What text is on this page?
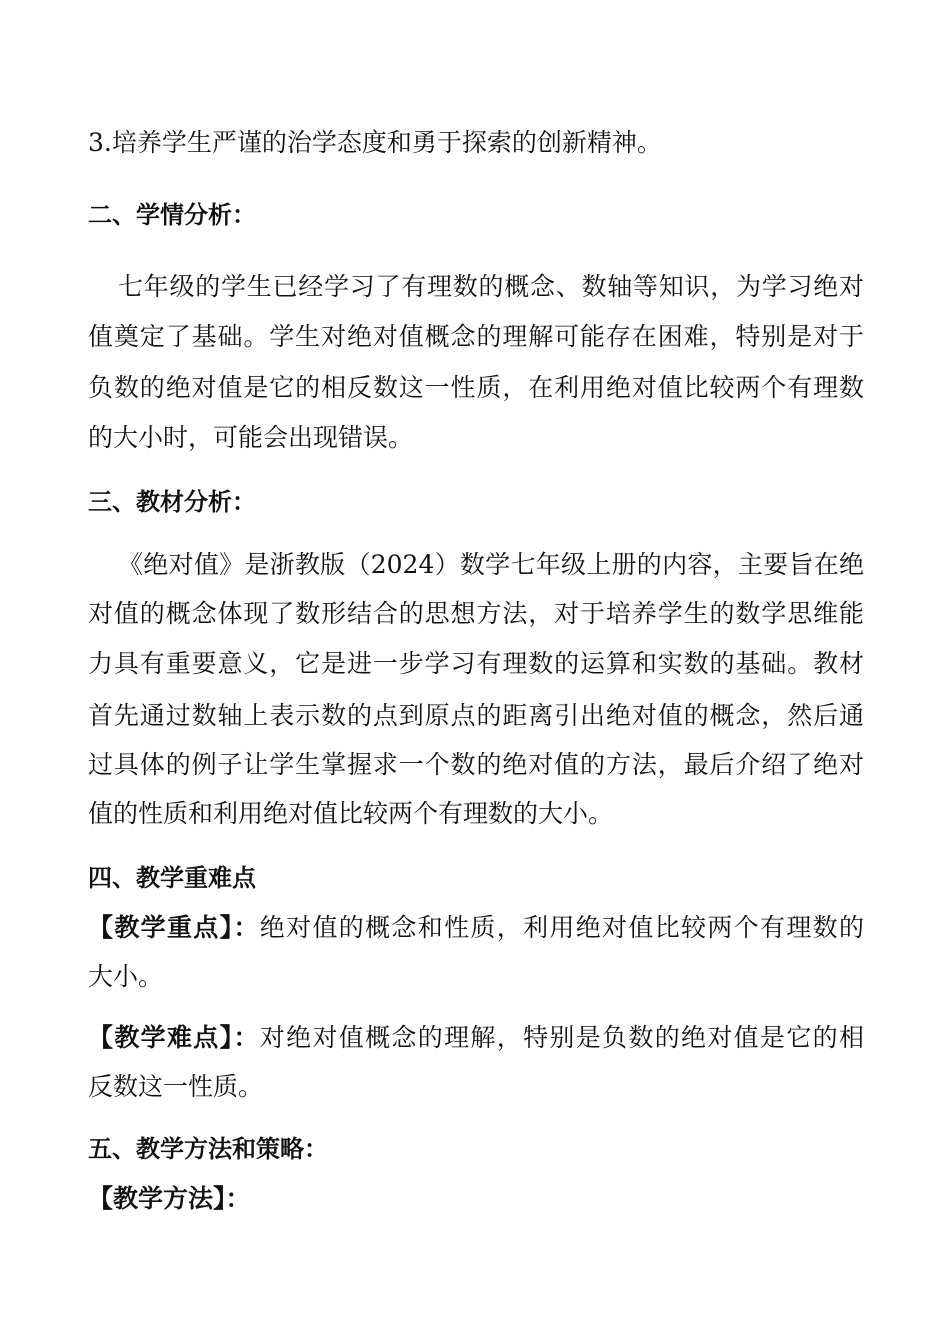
3.培养学生严谨的治学态度和勇于探索的创新精神。
二、学情分析：
七年级的学生已经学习了有理数的概念、数轴等知识，为学习绝对
值奠定了基础。学生对绝对值概念的理解可能存在困难，特别是对于
负数的绝对值是它的相反数这一性质，在利用绝对值比较两个有理数
的大小时，可能会出现错误。
三、教材分析：
《绝对值》是浙教版（2024）数学七年级上册的内容，主要旨在绝
对值的概念体现了数形结合的思想方法，对于培养学生的数学思维能
力具有重要意义，它是进一步学习有理数的运算和实数的基础。教材
首先通过数轴上表示数的点到原点的距离引出绝对值的概念，然后通
过具体的例子让学生掌握求一个数的绝对值的方法，最后介绍了绝对
值的性质和利用绝对值比较两个有理数的大小。
四、教学重难点
【教学重点】：绝对值的概念和性质，利用绝对值比较两个有理数的
大小。
【教学难点】：对绝对值概念的理解，特别是负数的绝对值是它的相
反数这一性质。
五、教学方法和策略：
【教学方法】：
